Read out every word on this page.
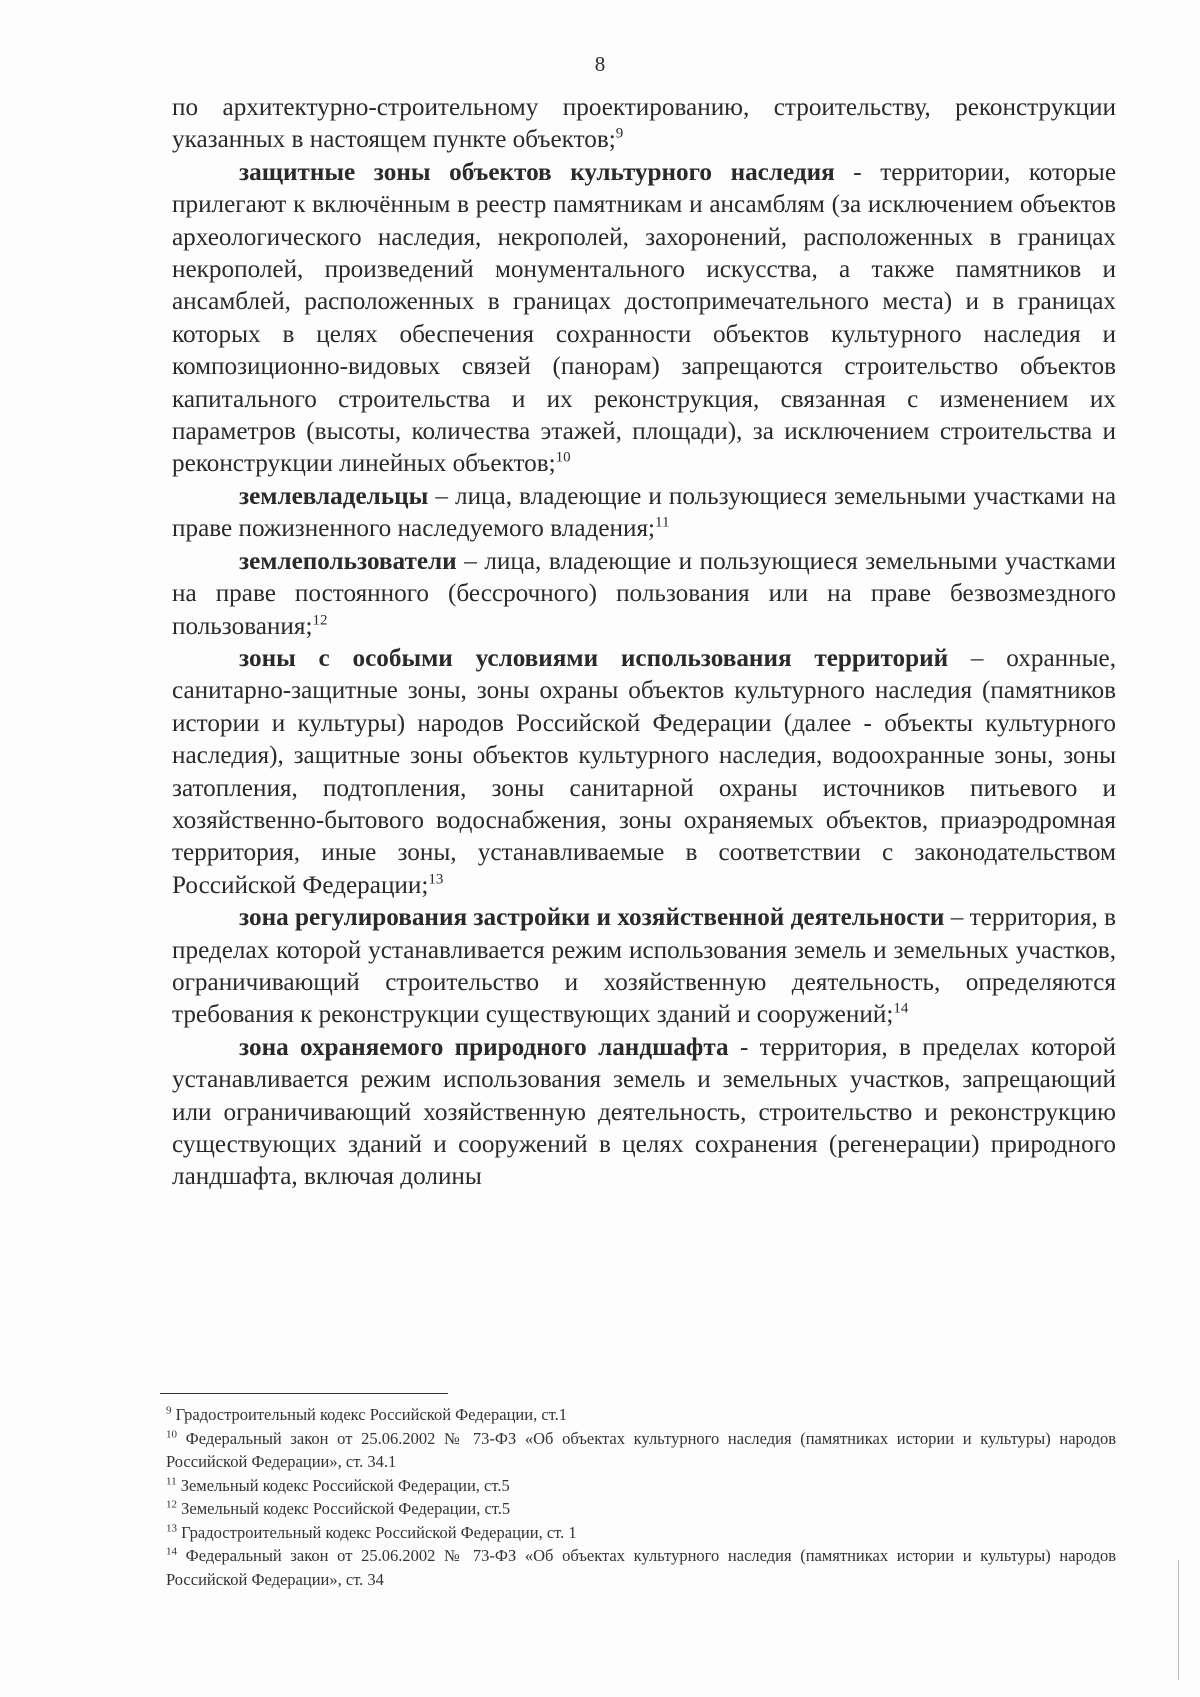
8

по архитектурно-строительному проектированию, строительству, реконструкции указанных в настоящем пункте объектов;$^9$

защитные зоны объектов культурного наследия - территории, которые прилегают к включённым в реестр памятникам и ансамблям (за исключением объектов археологического наследия, некрополей, захоронений, расположенных в границах некрополей, произведений монументального искусства, а также памятников и ансамблей, расположенных в границах достопримечательного места) и в границах которых в целях обеспечения сохранности объектов культурного наследия и композиционно-видовых связей (панорам) запрещаются строительство объектов капитального строительства и их реконструкция, связанная с изменением их параметров (высоты, количества этажей, площади), за исключением строительства и реконструкции линейных объектов;$^{10}$

землевладельцы – лица, владеющие и пользующиеся земельными участками на праве пожизненного наследуемого владения;$^{11}$

землепользователи – лица, владеющие и пользующиеся земельными участками на праве постоянного (бессрочного) пользования или на праве безвозмездного пользования;$^{12}$

зоны с особыми условиями использования территорий – охранные, санитарно-защитные зоны, зоны охраны объектов культурного наследия (памятников истории и культуры) народов Российской Федерации (далее - объекты культурного наследия), защитные зоны объектов культурного наследия, водоохранные зоны, зоны затопления, подтопления, зоны санитарной охраны источников питьевого и хозяйственно-бытового водоснабжения, зоны охраняемых объектов, приаэродромная территория, иные зоны, устанавливаемые в соответствии с законодательством Российской Федерации;$^{13}$

зона регулирования застройки и хозяйственной деятельности – территория, в пределах которой устанавливается режим использования земель и земельных участков, ограничивающий строительство и хозяйственную деятельность, определяются требования к реконструкции существующих зданий и сооружений;$^{14}$

зона охраняемого природного ландшафта - территория, в пределах которой устанавливается режим использования земель и земельных участков, запрещающий или ограничивающий хозяйственную деятельность, строительство и реконструкцию существующих зданий и сооружений в целях сохранения (регенерации) природного ландшафта, включая долины

$^9$ Градостроительный кодекс Российской Федерации, ст.1

$^{10}$ Федеральный закон от 25.06.2002 № 73-ФЗ «Об объектах культурного наследия (памятниках истории и культуры) народов Российской Федерации», ст. 34.1

$^{11}$ Земельный кодекс Российской Федерации, ст.5

$^{12}$ Земельный кодекс Российской Федерации, ст.5

$^{13}$ Градостроительный кодекс Российской Федерации, ст. 1

$^{14}$ Федеральный закон от 25.06.2002 № 73-ФЗ «Об объектах культурного наследия (памятниках истории и культуры) народов Российской Федерации», ст. 34
